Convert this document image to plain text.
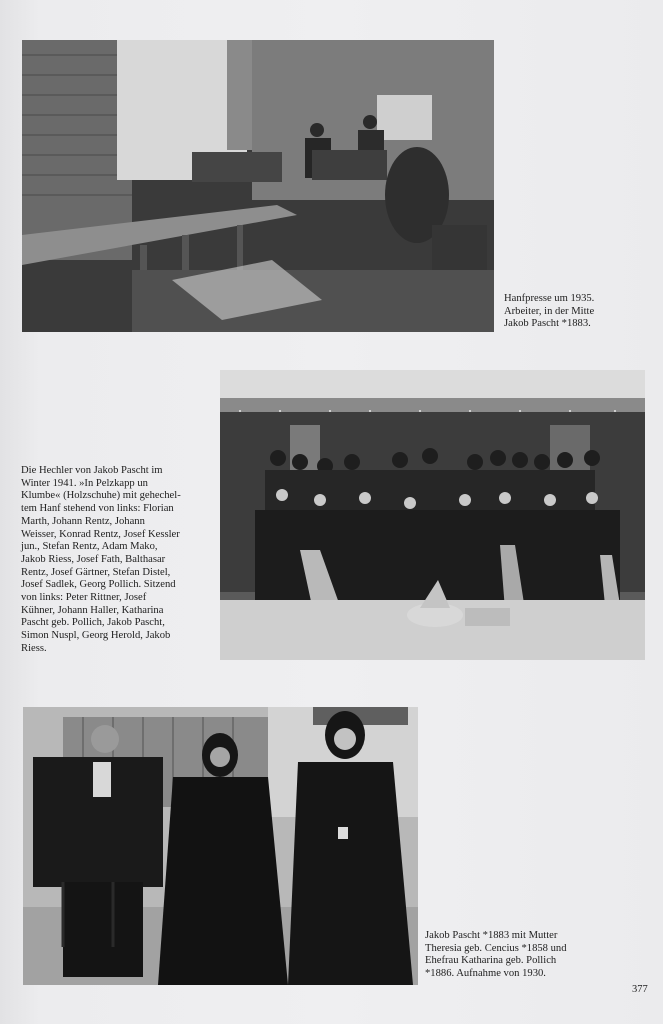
Hanfpresse um 1935.
Arbeiter, in der Mitte
Jakob Pascht *1883.
Die Hechler von Jakob Pascht im
Winter 1941. »In Pelzkapp un
Klumbe« (Holzschuhe) mit gehechel-
tem Hanf stehend von links: Florian
Marth, Johann Rentz, Johann
Weisser, Konrad Rentz, Josef Kessler
jun., Stefan Rentz, Adam Mako,
Jakob Riess, Josef Fath, Balthasar
Rentz, Josef Gärtner, Stefan Distel,
Josef Sadlek, Georg Pollich. Sitzend
von links: Peter Rittner, Josef
Kühner, Johann Haller, Katharina
Pascht geb. Pollich, Jakob Pascht,
Simon Nuspl, Georg Herold, Jakob
Riess.
Jakob Pascht *1883 mit Mutter
Theresia geb. Cencius *1858 und
Ehefrau Katharina geb. Pollich
*1886. Aufnahme von 1930.
377
